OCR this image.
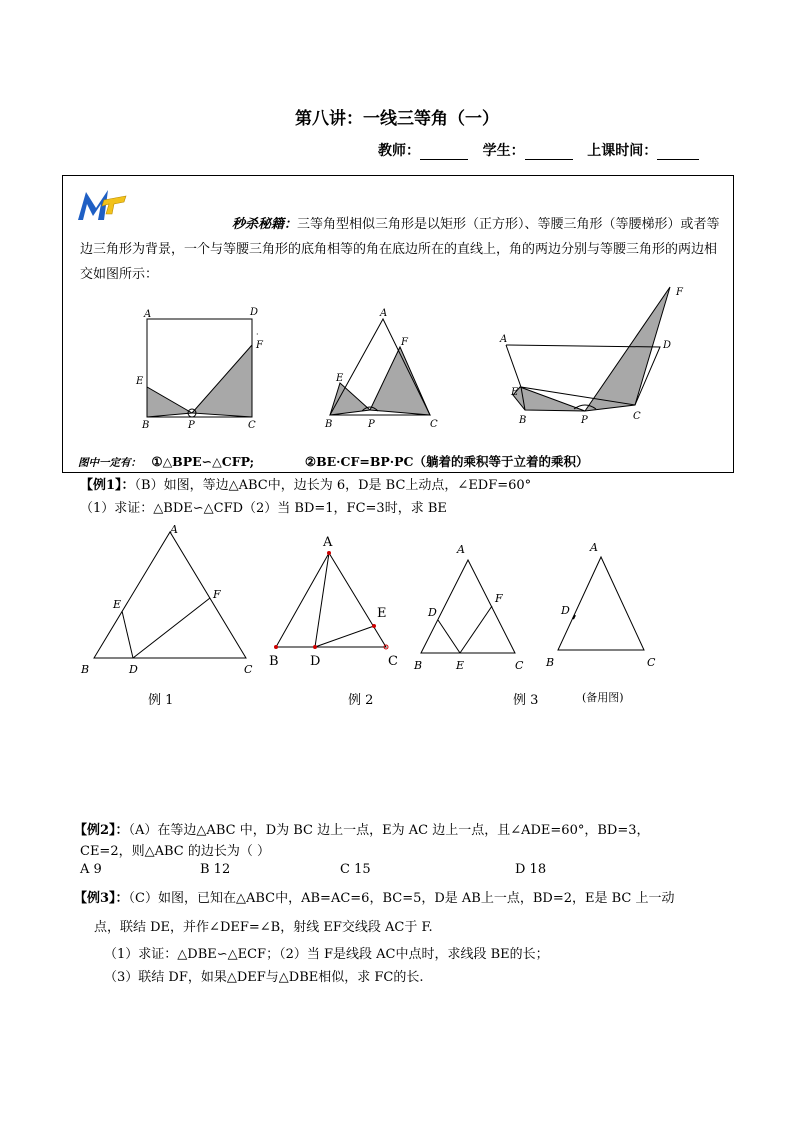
第八讲：一线三等角（一）
教师：	学生：	上课时间：
秒杀秘籍：三等角型相似三角形是以矩形（正方形）、等腰三角形（等腰梯形）或者等边三角形为背景，一个与等腰三角形的底角相等的角在底边所在的直线上，角的两边分别与等腰三角形的两边相交如图所示：
A	D
F
·
E
B	P	C
A
F
E
B	P	C
A
D
F
E
B	P	C
图中一定有： ①△BPE∽△CFP;	②BE·CF=BP·PC（躺着的乘积等于立着的乘积）
【例1】：（B）如图，等边△ABC中，边长为 6，D是 BC上动点，∠EDF=60°
（1）求证：△BDE∽△CFD（2）当 BD=1，FC=3时，求 BE
A
E
F
B	D	C
A
E
B D	C
A
D
F
B	E	C
A
D
B	C
例 1	例 2	例 3	(备用图)
【例2】：（A）在等边△ABC 中，D为 BC 边上一点，E为 AC 边上一点，且∠ADE=60°，BD=3，
CE=2，则△ABC 的边长为（ ）
A 9	B 12	C 15	D 18
【例3】：（C）如图，已知在△ABC中，AB=AC=6，BC=5，D是 AB上一点，BD=2，E是 BC 上一动
点，联结 DE，并作∠DEF=∠B，射线 EF交线段 AC于 F.
（1）求证：△DBE∽△ECF；（2）当 F是线段 AC中点时，求线段 BE的长；
（3）联结 DF，如果△DEF与△DBE相似，求 FC的长.
